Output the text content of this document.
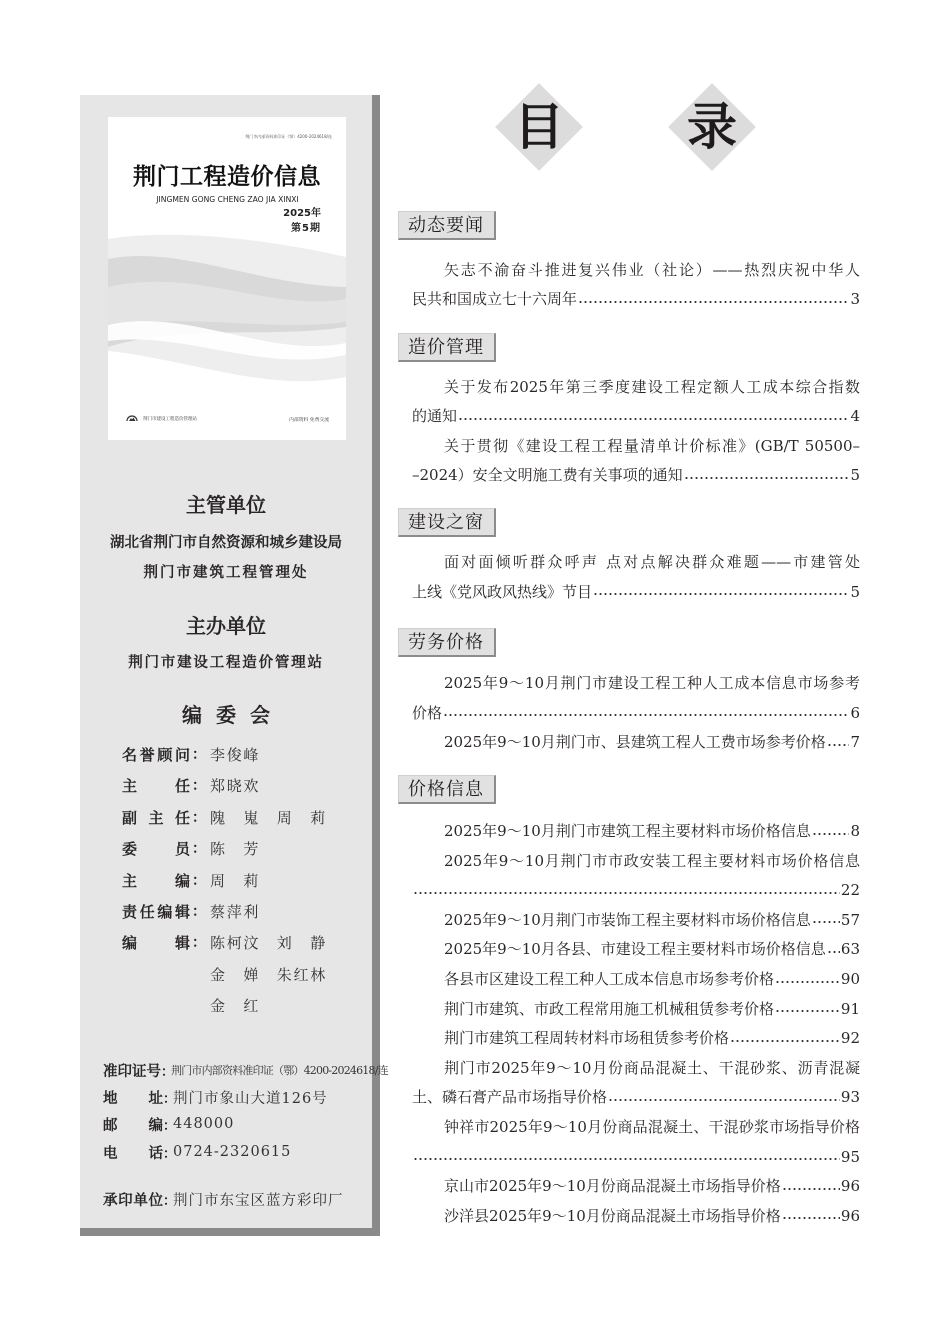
荆门市内部资料准印证（鄂）4200-2024618/连
荆门工程造价信息
JINGMEN GONG CHENG ZAO JIA XINXI
2025年
第5期
荆门市建设工程造价管理站	内部资料 免费交流
主管单位
湖北省荆门市自然资源和城乡建设局
荆门市建筑工程管理处
主办单位
荆门市建设工程造价管理站
编委会
名誉顾问 ： 李俊峰
主任 ： 郑晓欢
副主任 ： 隗　嵬　周　莉
委员 ： 陈　芳
主编 ： 周　莉
责任编辑 ： 蔡萍利
编辑 ： 陈柯汶　刘　静
金　婵　朱红林
金　红
准印证号 ：
荆门市内部资料准印证（鄂）4200-2024618/连
地址 ：
荆门市象山大道126号
邮编 ：
448000
电话 ：
0724-2320615
承印单位 ：
荆门市东宝区蓝方彩印厂
目	录
动态要闻
矢志不渝奋斗推进复兴伟业（社论）——热烈庆祝中华人
民共和国成立七十六周年	3
造价管理
关于发布2025年第三季度建设工程定额人工成本综合指数
的通知	4
关于贯彻《建设工程工程量清单计价标准》(GB/T 50500–
–2024）安全文明施工费有关事项的通知	5
建设之窗
面对面倾听群众呼声 点对点解决群众难题——市建管处
上线《党风政风热线》节目	5
劳务价格
2025年9～10月荆门市建设工程工种人工成本信息市场参考
价格	6
2025年9～10月荆门市、县建筑工程人工费市场参考价格 7
价格信息
2025年9～10月荆门市建筑工程主要材料市场价格信息	8
2025年9～10月荆门市市政安装工程主要材料市场价格信息
22
2025年9～10月荆门市装饰工程主要材料市场价格信息 57
2025年9～10月各县、市建设工程主要材料市场价格信息 63
各县市区建设工程工种人工成本信息市场参考价格	90
荆门市建筑、市政工程常用施工机械租赁参考价格	91
荆门市建筑工程周转材料市场租赁参考价格	92
荆门市2025年9～10月份商品混凝土、干混砂浆、沥青混凝
土、磷石膏产品市场指导价格	93
钟祥市2025年9～10月份商品混凝土、干混砂浆市场指导价格
95
京山市2025年9～10月份商品混凝土市场指导价格	96
沙洋县2025年9～10月份商品混凝土市场指导价格	96
